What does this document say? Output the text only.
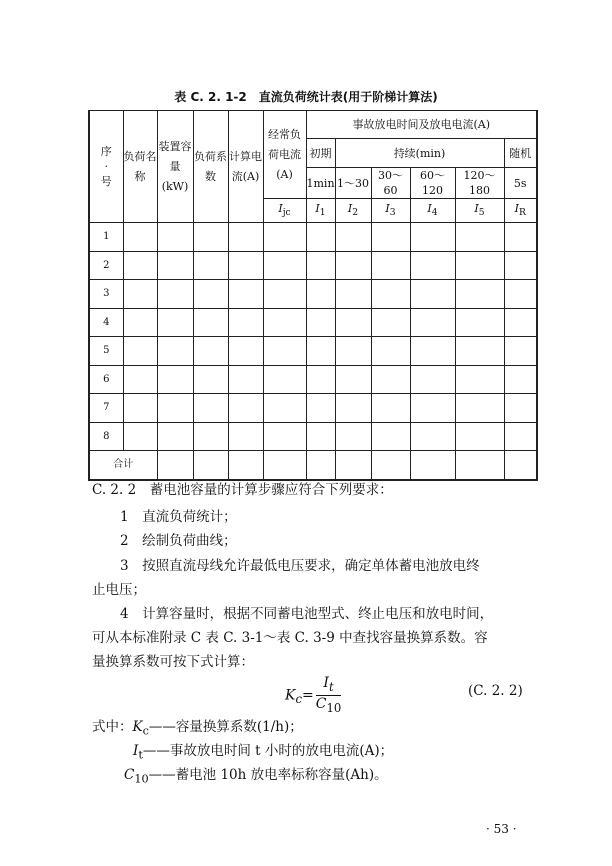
表 C. 2. 1-2　直流负荷统计表(用于阶梯计算法)
序
·
号	负荷名称	装置容量(kW)	负荷系数	计算电流(A)	经常负荷电流(A)	事故放电时间及放电电流(A)					
						初期	持续(min)				随机
						1min	1～30	30～60	60～120	120～180	5s
					$I_{jc}$	$I_1$	$I_2$	$I_3$	$I_4$	$I_5$	$I_R$
1											
2											
3											
4											
5											
6											
7											
8											
合计											
C. 2. 2　蓄电池容量的计算步骤应符合下列要求：
1　直流负荷统计；
2　绘制负荷曲线；
3　按照直流母线允许最低电压要求，确定单体蓄电池放电终
止电压；
4　计算容量时，根据不同蓄电池型式、终止电压和放电时间，
可从本标准附录 C 表 C. 3-1～表 C. 3-9 中查找容量换算系数。容
量换算系数可按下式计算：
$K_c= \frac{I_t}{C_{10}}$	(C. 2. 2)
式中：$K_c——$容量换算系数(1/h)；
$I_t——$事故放电时间 t 小时的放电电流(A)；
$C_{10}——$蓄电池 10h 放电率标称容量(Ah)。
· 53 ·
